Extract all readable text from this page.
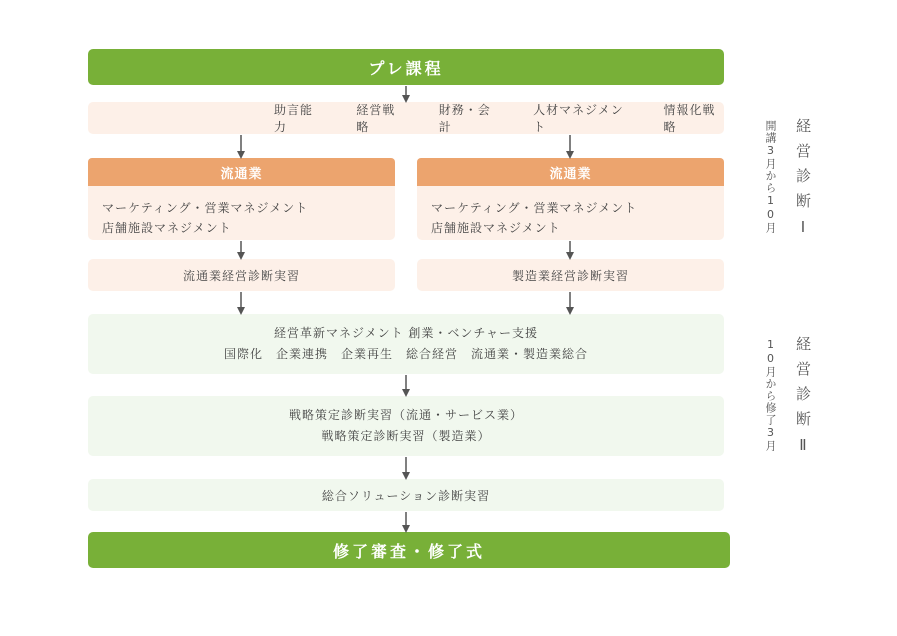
プレ課程
助言能力
経営戦略
財務・会計
人材マネジメント
情報化戦略
流通業
マーケティング・営業マネジメント
店舗施設マネジメント
流通業経営診断実習
流通業
マーケティング・営業マネジメント
店舗施設マネジメント
製造業経営診断実習
経営革新マネジメント 創業・ベンチャー支援
国際化　企業連携　企業再生　総合経営　流通業・製造業総合
戦略策定診断実習（流通・サービス業）
戦略策定診断実習（製造業）
総合ソリューション診断実習
修了審査・修了式
開講3月から10月 経営診断Ⅰ
10月から修了3月 経営診断Ⅱ
